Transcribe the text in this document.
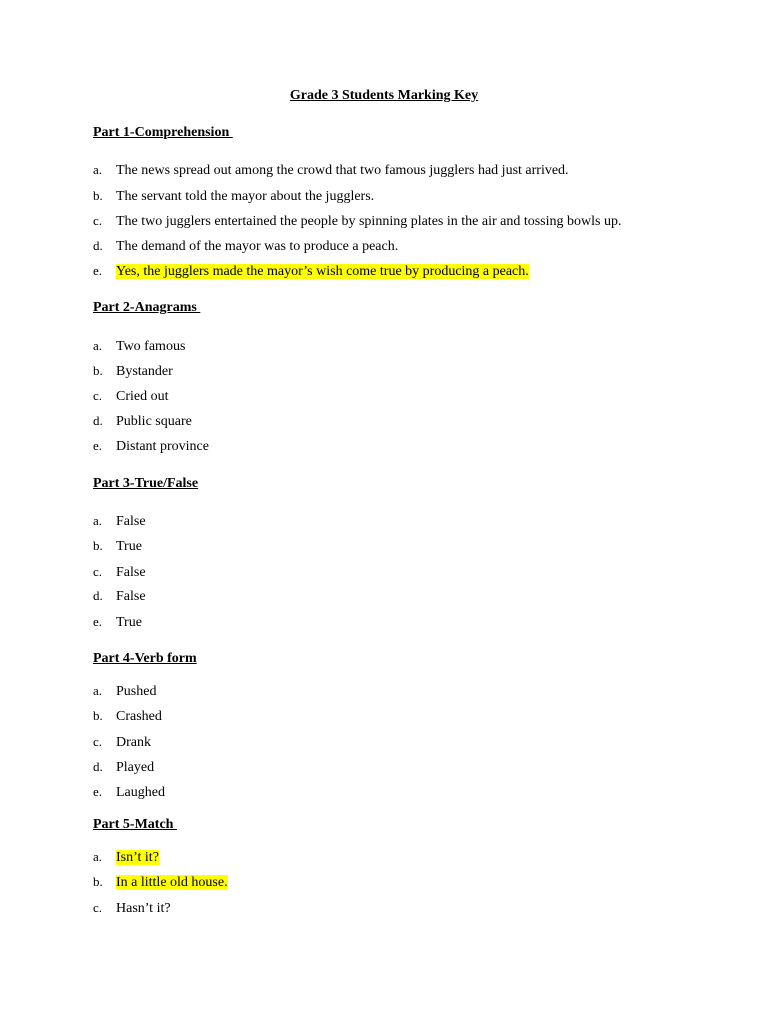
Grade 3 Students Marking Key
Part 1-Comprehension
a. The news spread out among the crowd that two famous jugglers had just arrived.
b. The servant told the mayor about the jugglers.
c. The two jugglers entertained the people by spinning plates in the air and tossing bowls up.
d. The demand of the mayor was to produce a peach.
e. Yes, the jugglers made the mayor’s wish come true by producing a peach.
Part 2-Anagrams
a. Two famous
b. Bystander
c. Cried out
d. Public square
e. Distant province
Part 3-True/False
a. False
b. True
c. False
d. False
e. True
Part 4-Verb form
a. Pushed
b. Crashed
c. Drank
d. Played
e. Laughed
Part 5-Match
a. Isn’t it?
b. In a little old house.
c. Hasn’t it?
